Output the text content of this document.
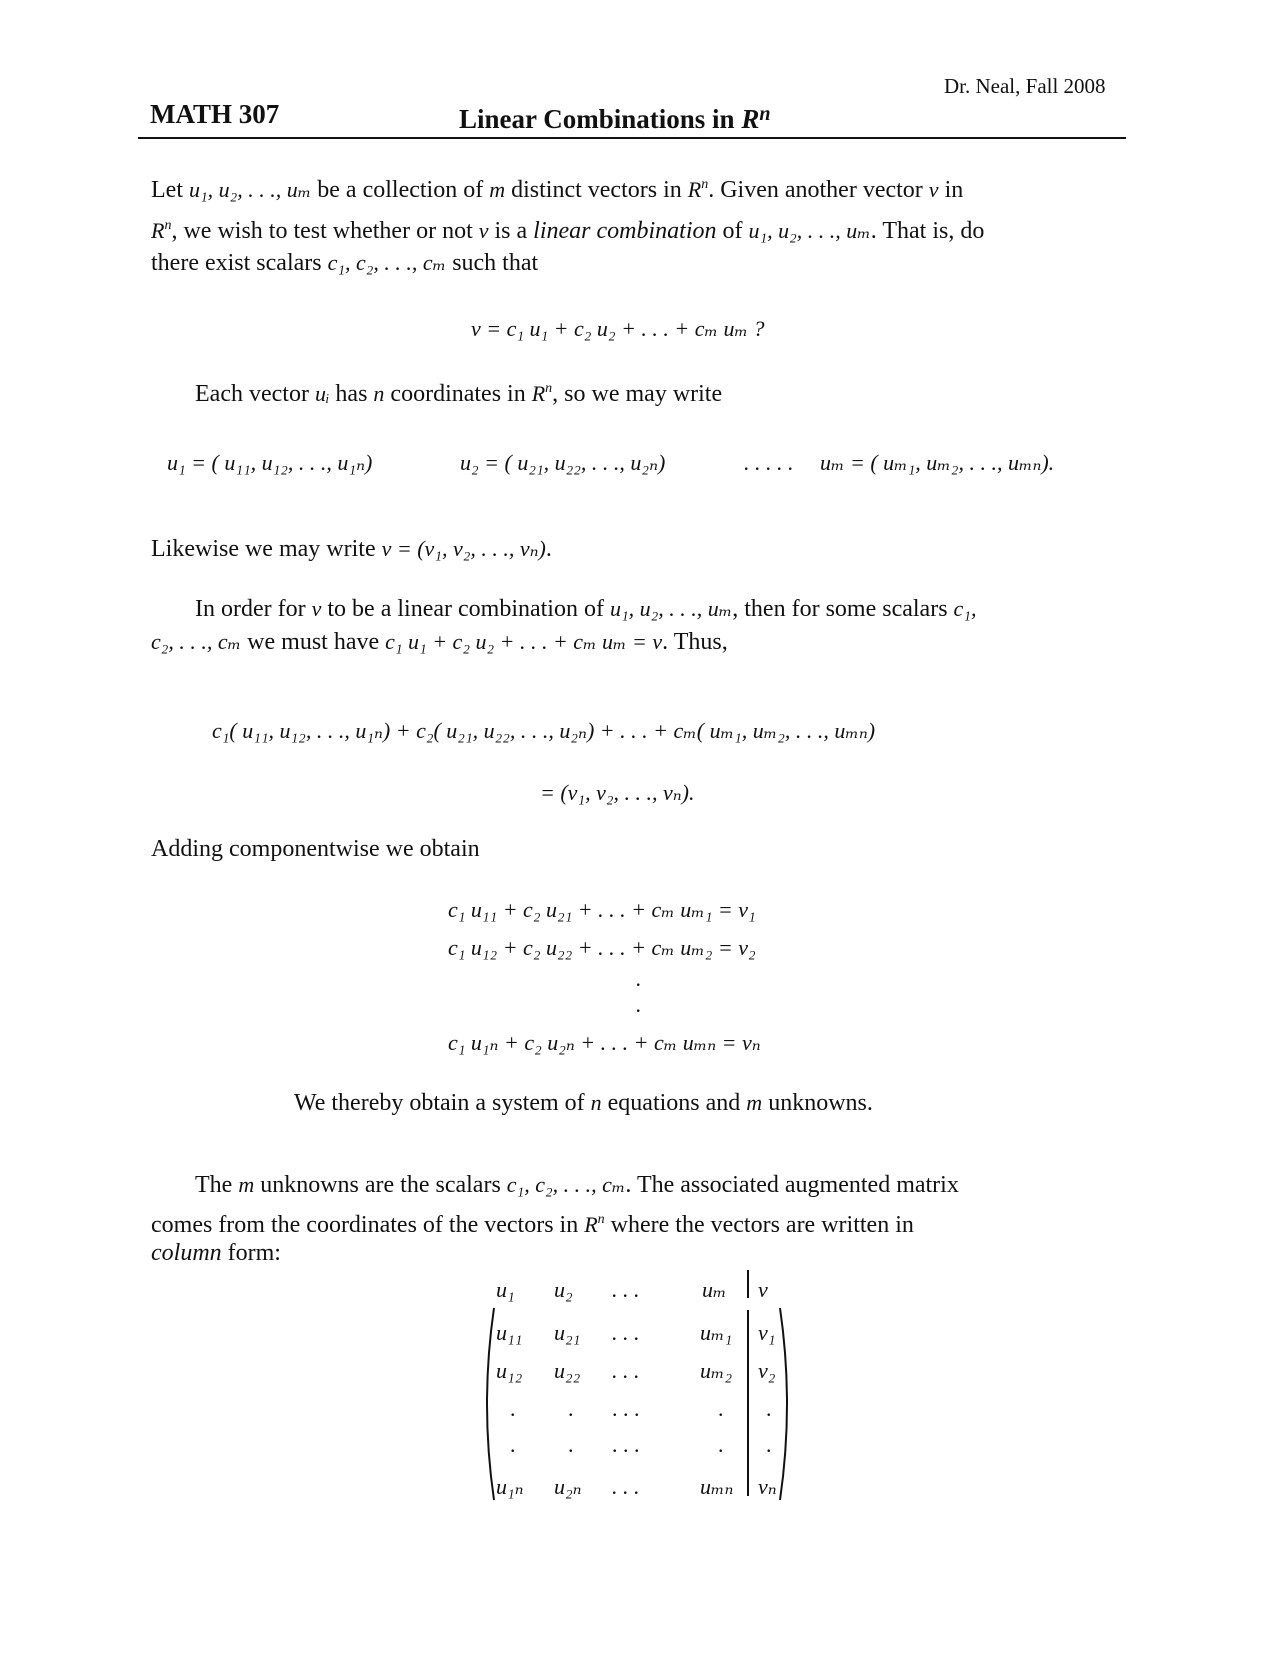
Dr. Neal, Fall 2008
MATH 307	Linear Combinations in $R^n$
Let u₁, u₂, . . ., uₘ be a collection of m distinct vectors in $R^n$. Given another vector v in
$R^n$, we wish to test whether or not v is a linear combination of u₁, u₂, . . ., uₘ. That is, do
there exist scalars c₁, c₂, . . ., cₘ such that
v = c₁ u₁ + c₂ u₂ + . . . + cₘ uₘ ?
Each vector uᵢ has n coordinates in $R^n$, so we may write
u₁ = ( u₁₁, u₁₂, . . ., u₁ₙ)	u₂ = ( u₂₁, u₂₂, . . ., u₂ₙ)	. . . . . uₘ = ( uₘ₁, uₘ₂, . . ., uₘₙ).
Likewise we may write v = (v₁, v₂, . . ., vₙ).
In order for v to be a linear combination of u₁, u₂, . . ., uₘ, then for some scalars c₁,
c₂, . . ., cₘ we must have c₁ u₁ + c₂ u₂ + . . . + cₘ uₘ = v. Thus,
c₁( u₁₁, u₁₂, . . ., u₁ₙ) + c₂( u₂₁, u₂₂, . . ., u₂ₙ) + . . . + cₘ( uₘ₁, uₘ₂, . . ., uₘₙ)
= (v₁, v₂, . . ., vₙ).
Adding componentwise we obtain
c₁ u₁₁ + c₂ u₂₁ + . . . + cₘ uₘ₁ = v₁
c₁ u₁₂ + c₂ u₂₂ + . . . + cₘ uₘ₂ = v₂
.
.
c₁ u₁ₙ + c₂ u₂ₙ + . . . + cₘ uₘₙ = vₙ
We thereby obtain a system of n equations and m unknowns.
The m unknowns are the scalars c₁, c₂, . . ., cₘ. The associated augmented matrix
comes from the coordinates of the vectors in $R^n$ where the vectors are written in
column form:
u₁ u₂ . . .	uₘ v
u₁₁ u₂₁ . . .	uₘ₁ v₁
u₁₂ u₂₂ . . .	uₘ₂ v₂
. . . . .	. .
. . . . .	. .
u₁ₙ u₂ₙ . . .	uₘₙ vₙ
